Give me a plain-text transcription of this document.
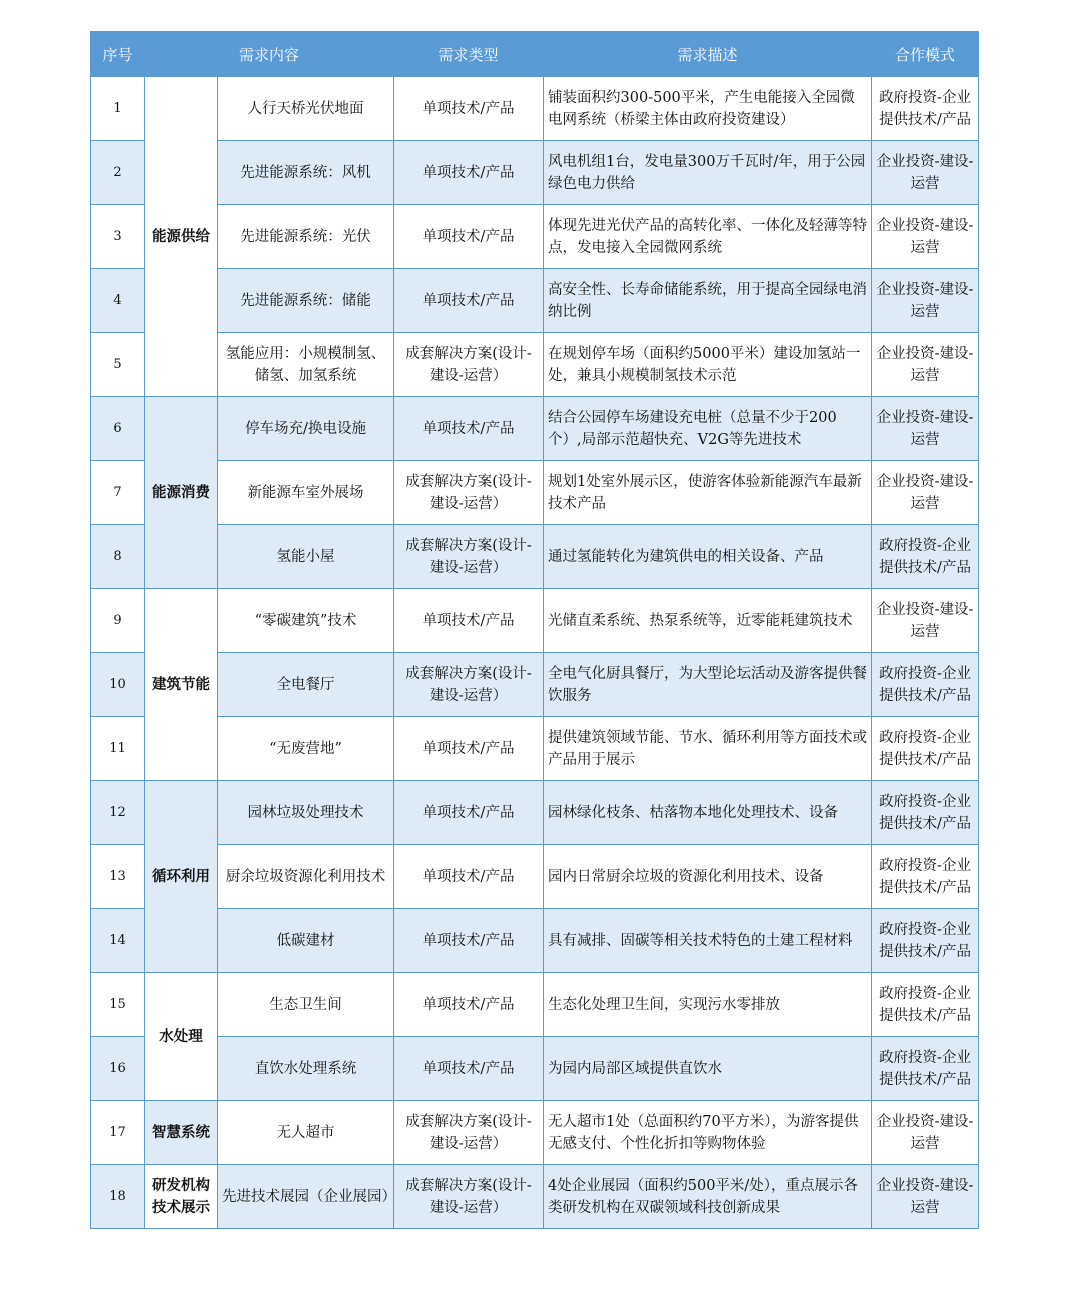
序号	需求内容		需求类型	需求描述	合作模式
1	能源供给	人行天桥光伏地面	单项技术/产品	铺装面积约300-500平米，产生电能接入全园微电网系统（桥梁主体由政府投资建设）	政府投资-企业提供技术/产品
2		先进能源系统：风机	单项技术/产品	风电机组1台，发电量300万千瓦时/年，用于公园绿色电力供给	企业投资-建设-运营
3		先进能源系统：光伏	单项技术/产品	体现先进光伏产品的高转化率、一体化及轻薄等特点，发电接入全园微网系统	企业投资-建设-运营
4		先进能源系统：储能	单项技术/产品	高安全性、长寿命储能系统，用于提高全园绿电消纳比例	企业投资-建设-运营
5		氢能应用：小规模制氢、储氢、加氢系统	成套解决方案(设计-建设-运营）	在规划停车场（面积约5000平米）建设加氢站一处，兼具小规模制氢技术示范	企业投资-建设-运营
6	能源消费	停车场充/换电设施	单项技术/产品	结合公园停车场建设充电桩（总量不少于200个）,局部示范超快充、V2G等先进技术	企业投资-建设-运营
7		新能源车室外展场	成套解决方案(设计-建设-运营）	规划1处室外展示区，使游客体验新能源汽车最新技术产品	企业投资-建设-运营
8		氢能小屋	成套解决方案(设计-建设-运营）	通过氢能转化为建筑供电的相关设备、产品	政府投资-企业提供技术/产品
9	建筑节能	“零碳建筑”技术	单项技术/产品	光储直柔系统、热泵系统等，近零能耗建筑技术	企业投资-建设-运营
10		全电餐厅	成套解决方案(设计-建设-运营）	全电气化厨具餐厅，为大型论坛活动及游客提供餐饮服务	政府投资-企业提供技术/产品
11		“无废营地”	单项技术/产品	提供建筑领域节能、节水、循环利用等方面技术或产品用于展示	政府投资-企业提供技术/产品
12	循环利用	园林垃圾处理技术	单项技术/产品	园林绿化枝条、枯落物本地化处理技术、设备	政府投资-企业提供技术/产品
13		厨余垃圾资源化利用技术	单项技术/产品	园内日常厨余垃圾的资源化利用技术、设备	政府投资-企业提供技术/产品
14		低碳建材	单项技术/产品	具有减排、固碳等相关技术特色的土建工程材料	政府投资-企业提供技术/产品
15	水处理	生态卫生间	单项技术/产品	生态化处理卫生间，实现污水零排放	政府投资-企业提供技术/产品
16		直饮水处理系统	单项技术/产品	为园内局部区域提供直饮水	政府投资-企业提供技术/产品
17	智慧系统	无人超市	成套解决方案(设计-建设-运营）	无人超市1处（总面积约70平方米），为游客提供无感支付、个性化折扣等购物体验	企业投资-建设-运营
18	研发机构技术展示	先进技术展园（企业展园）	成套解决方案(设计-建设-运营）	4处企业展园（面积约500平米/处），重点展示各类研发机构在双碳领域科技创新成果	企业投资-建设-运营
